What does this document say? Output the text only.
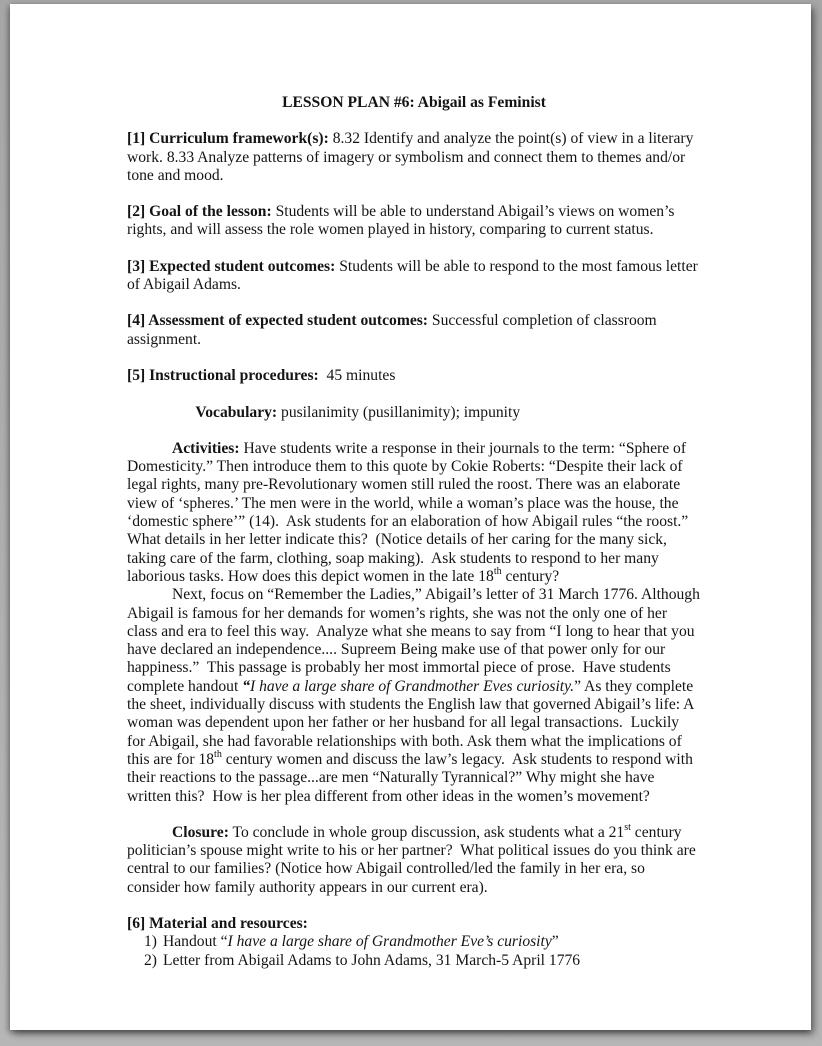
LESSON PLAN #6: Abigail as Feminist

[1] Curriculum framework(s): 8.32 Identify and analyze the point(s) of view in a literary work. 8.33 Analyze patterns of imagery or symbolism and connect them to themes and/or tone and mood.

[2] Goal of the lesson: Students will be able to understand Abigail’s views on women’s rights, and will assess the role women played in history, comparing to current status.

[3] Expected student outcomes: Students will be able to respond to the most famous letter of Abigail Adams.

[4] Assessment of expected student outcomes: Successful completion of classroom assignment.

[5] Instructional procedures:  45 minutes

Vocabulary: pusilanimity (pusillanimity); impunity

Activities: Have students write a response in their journals to the term: “Sphere of Domesticity.” Then introduce them to this quote by Cokie Roberts: “Despite their lack of legal rights, many pre-Revolutionary women still ruled the roost. There was an elaborate view of ‘spheres.’ The men were in the world, while a woman’s place was the house, the ‘domestic sphere’” (14).  Ask students for an elaboration of how Abigail rules “the roost.” What details in her letter indicate this?  (Notice details of her caring for the many sick, taking care of the farm, clothing, soap making).  Ask students to respond to her many laborious tasks. How does this depict women in the late 18th century?

Next, focus on “Remember the Ladies,” Abigail’s letter of 31 March 1776. Although Abigail is famous for her demands for women’s rights, she was not the only one of her class and era to feel this way.  Analyze what she means to say from “I long to hear that you have declared an independence.... Supreem Being make use of that power only for our happiness.”  This passage is probably her most immortal piece of prose.  Have students complete handout “I have a large share of Grandmother Eves curiosity.” As they complete the sheet, individually discuss with students the English law that governed Abigail’s life: A woman was dependent upon her father or her husband for all legal transactions.  Luckily for Abigail, she had favorable relationships with both. Ask them what the implications of this are for 18th century women and discuss the law’s legacy.  Ask students to respond with their reactions to the passage...are men “Naturally Tyrannical?” Why might she have written this?  How is her plea different from other ideas in the women’s movement?

Closure: To conclude in whole group discussion, ask students what a 21st century politician’s spouse might write to his or her partner?  What political issues do you think are central to our families? (Notice how Abigail controlled/led the family in her era, so consider how family authority appears in our current era).

[6] Material and resources:

1) Handout “I have a large share of Grandmother Eve’s curiosity”
2) Letter from Abigail Adams to John Adams, 31 March-5 April 1776
